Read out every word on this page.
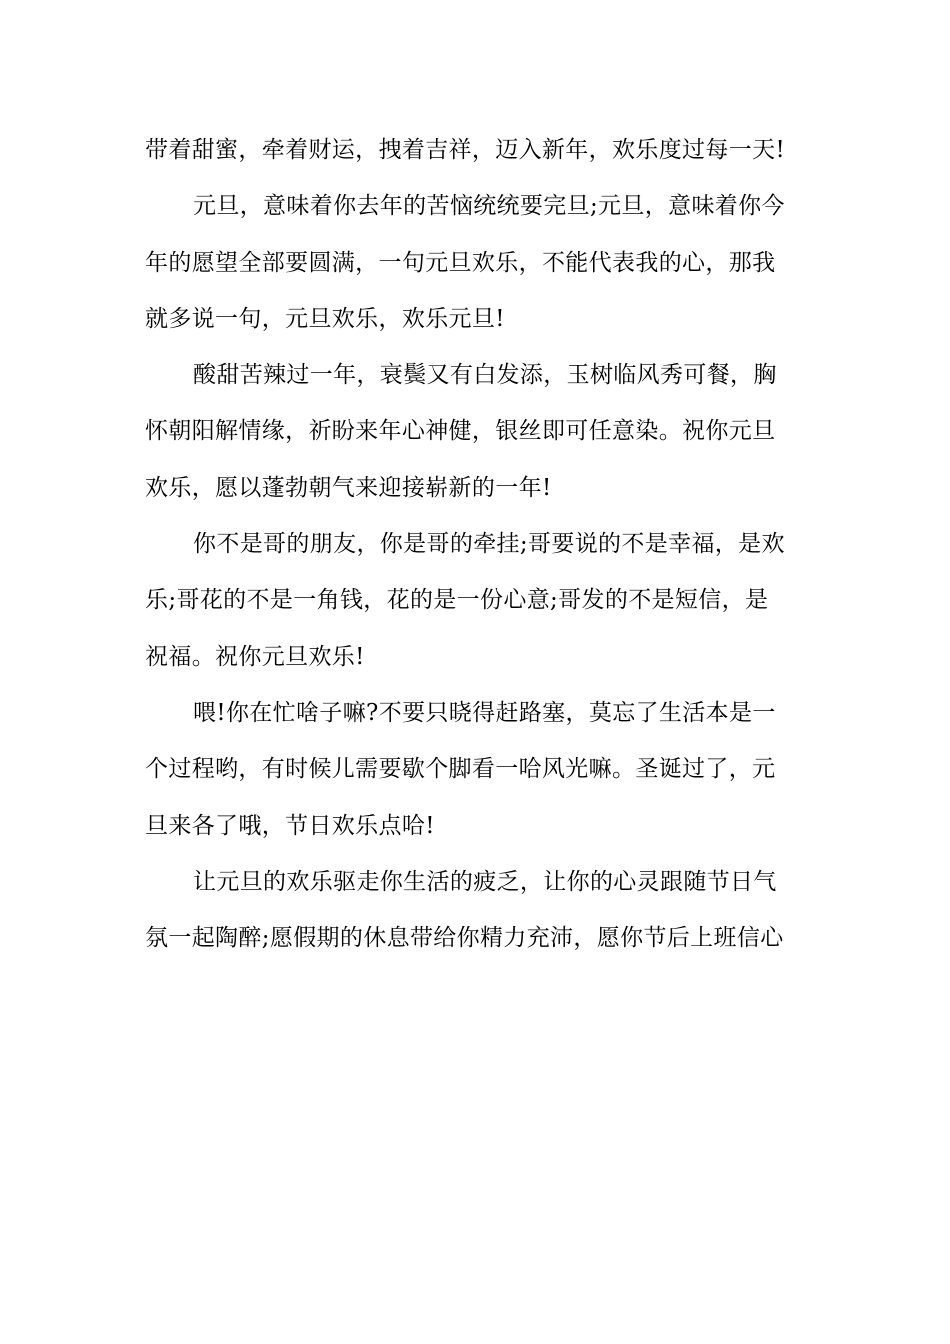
带着甜蜜，牵着财运，拽着吉祥，迈入新年，欢乐度过每一天!

元旦，意味着你去年的苦恼统统要完旦;元旦，意味着你今
年的愿望全部要圆满，一句元旦欢乐，不能代表我的心，那我
就多说一句，元旦欢乐，欢乐元旦!

酸甜苦辣过一年，衰鬓又有白发添，玉树临风秀可餐，胸
怀朝阳解情缘，祈盼来年心神健，银丝即可任意染。祝你元旦
欢乐，愿以蓬勃朝气来迎接崭新的一年!

你不是哥的朋友，你是哥的牵挂;哥要说的不是幸福，是欢
乐;哥花的不是一角钱，花的是一份心意;哥发的不是短信，是
祝福。祝你元旦欢乐!

喂!你在忙啥子嘛?不要只晓得赶路塞，莫忘了生活本是一
个过程哟，有时候儿需要歇个脚看一哈风光嘛。圣诞过了，元
旦来各了哦，节日欢乐点哈!

让元旦的欢乐驱走你生活的疲乏，让你的心灵跟随节日气
氛一起陶醉;愿假期的休息带给你精力充沛，愿你节后上班信心
